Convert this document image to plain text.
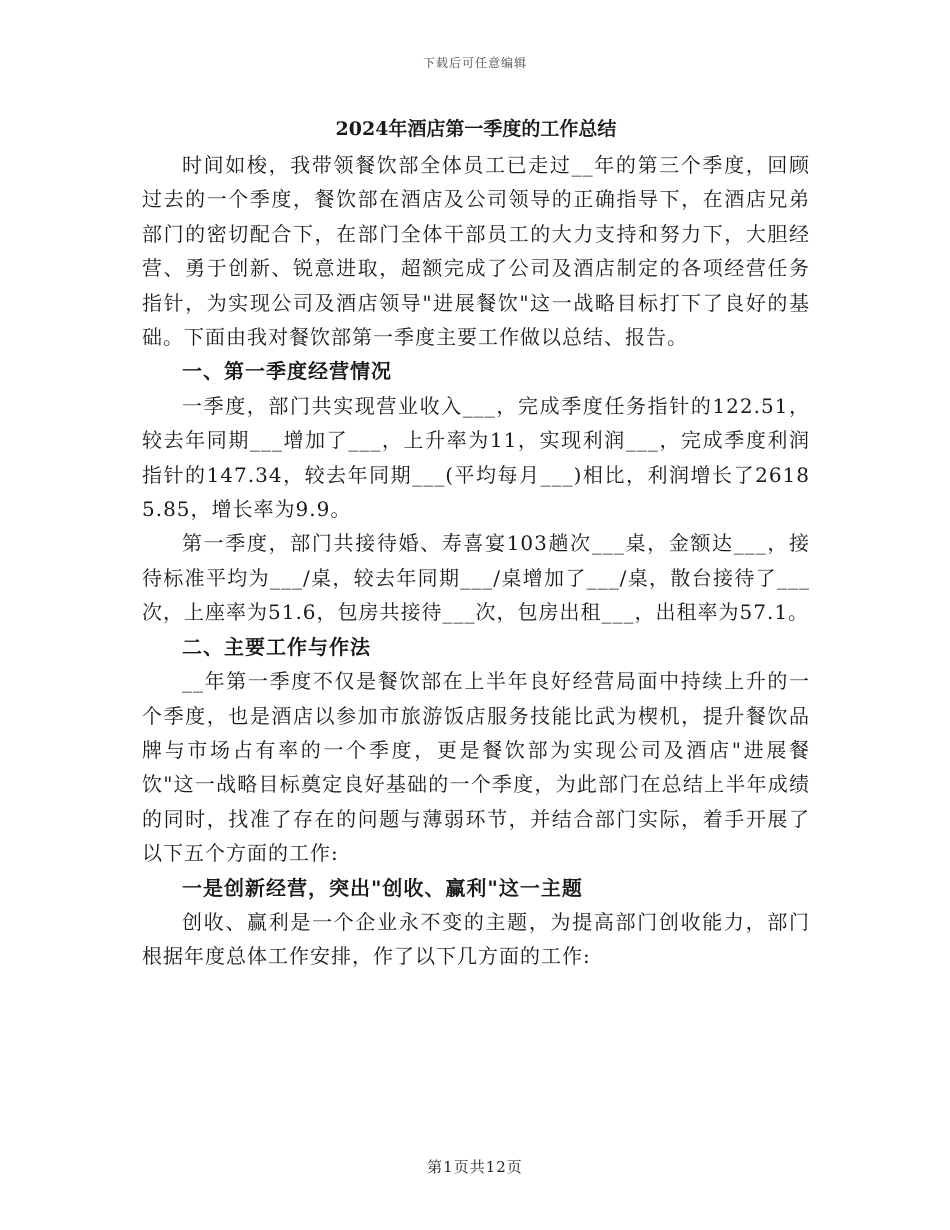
下载后可任意编辑
2024年酒店第一季度的工作总结

时间如梭，我带领餐饮部全体员工已走过__年的第三个季度，回顾过去的一个季度，餐饮部在酒店及公司领导的正确指导下，在酒店兄弟部门的密切配合下，在部门全体干部员工的大力支持和努力下，大胆经营、勇于创新、锐意进取，超额完成了公司及酒店制定的各项经营任务指针，为实现公司及酒店领导"进展餐饮"这一战略目标打下了良好的基础。下面由我对餐饮部第一季度主要工作做以总结、报告。

一、第一季度经营情况

一季度，部门共实现营业收入___，完成季度任务指针的122.51，较去年同期___增加了___，上升率为11，实现利润___，完成季度利润指针的147.34，较去年同期___(平均每月___)相比，利润增长了26185.85，增长率为9.9。

第一季度，部门共接待婚、寿喜宴103趟次___桌，金额达___，接待标准平均为___/桌，较去年同期___/桌增加了___/桌，散台接待了___次，上座率为51.6，包房共接待___次，包房出租___，出租率为57.1。

二、主要工作与作法

__年第一季度不仅是餐饮部在上半年良好经营局面中持续上升的一个季度，也是酒店以参加市旅游饭店服务技能比武为楔机，提升餐饮品牌与市场占有率的一个季度，更是餐饮部为实现公司及酒店"进展餐饮"这一战略目标奠定良好基础的一个季度，为此部门在总结上半年成绩的同时，找准了存在的问题与薄弱环节，并结合部门实际，着手开展了以下五个方面的工作:

一是创新经营，突出"创收、赢利"这一主题

创收、赢利是一个企业永不变的主题，为提高部门创收能力，部门根据年度总体工作安排，作了以下几方面的工作:

第1页共12页
